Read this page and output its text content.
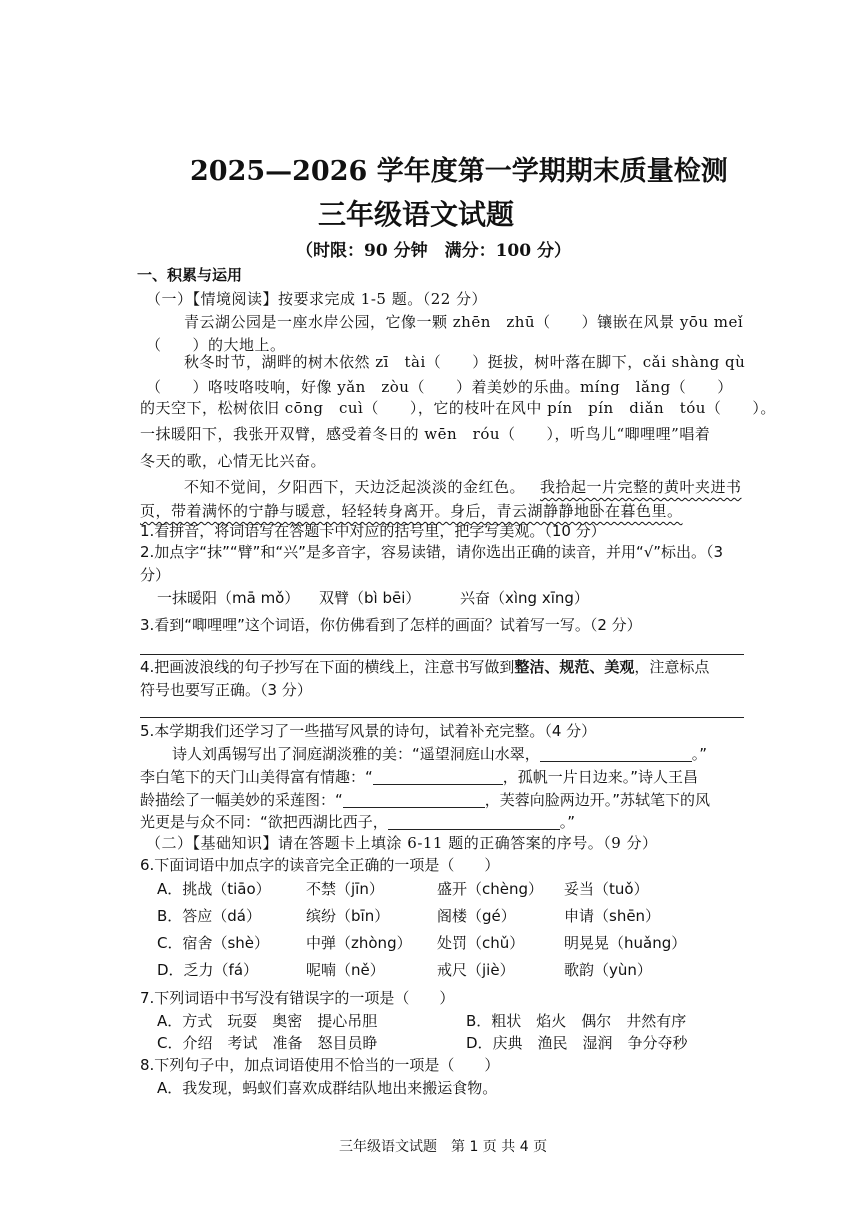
2025—2026 学年度第一学期期末质量检测
三年级语文试题
（时限：90 分钟　满分：100 分）
一、积累与运用
（一）【情境阅读】按要求完成 1-5 题。（22 分）
青云湖公园是一座水岸公园，它像一颗 zhēn　zhū（　　）镶嵌在风景 yōu meǐ
（　　）的大地上。
秋冬时节，湖畔的树木依然 zī　tài（　　）挺拔，树叶落在脚下，cǎi shàng qù
（　　）咯吱咯吱响，好像 yǎn　zòu（　　）着美妙的乐曲。míng　lǎng（　　）
的天空下，松树依旧 cōng　cuì（　　），它的枝叶在风中 pín　pín　diǎn　tóu（　　）。
一抹暖阳下，我张开双臂，感受着冬日的 wēn　róu（　　），听鸟儿“唧哩哩”唱着
冬天的歌，心情无比兴奋。
不知不觉间，夕阳西下，天边泛起淡淡的金红色。 我拾起一片完整的黄叶夹进书
页，带着满怀的宁静与暖意，轻轻转身离开。身后，青云湖静静地卧在暮色里。
1.看拼音，将词语写在答题卡中对应的括号里，把字写美观。（10 分）
2.加点字“抹”“臂”和“兴”是多音字，容易读错，请你选出正确的读音，并用“√”标出。（3
分）
一抹暖阳（mā mǒ） 双臂（bì bēi）	兴奋（xìng xīng）
3.看到“唧哩哩”这个词语，你仿佛看到了怎样的画面？试着写一写。（2 分）
4.把画波浪线的句子抄写在下面的横线上，注意书写做到整洁、规范、美观，注意标点
符号也要写正确。（3 分）
5.本学期我们还学习了一些描写风景的诗句，试着补充完整。（4 分）
诗人刘禹锡写出了洞庭湖淡雅的美：“遥望洞庭山水翠，	。”
李白笔下的天门山美得富有情趣：“	，孤帆一片日边来。”诗人王昌
龄描绘了一幅美妙的采莲图：“	，芙蓉向脸两边开。”苏轼笔下的风
光更是与众不同：“欲把西湖比西子，	。”
（二）【基础知识】请在答题卡上填涂 6-11 题的正确答案的序号。（9 分）
6.下面词语中加点字的读音完全正确的一项是（　　）
A．挑战（tiāo） 不禁（jīn）	盛开（chèng） 妥当（tuǒ）
B．答应（dá）	缤纷（bīn）	阁楼（gé）	申请（shēn）
C．宿舍（shè） 中弹（zhòng） 处罚（chǔ）	明晃晃（huǎng）
D．乏力（fá）	呢喃（ně）	戒尺（jiè）	歌韵（yùn）
7.下列词语中书写没有错误字的一项是（　　）
A．方式　玩耍　奥密　提心吊胆	B．粗状　焰火　偶尔　井然有序
C．介绍　考试　准备　怒目员睁	D．庆典　渔民　湿润　争分夺秒
8.下列句子中，加点词语使用不恰当的一项是（　　）
A．我发现，蚂蚁们喜欢成群结队地出来搬运食物。
三年级语文试题　第 1 页 共 4 页
